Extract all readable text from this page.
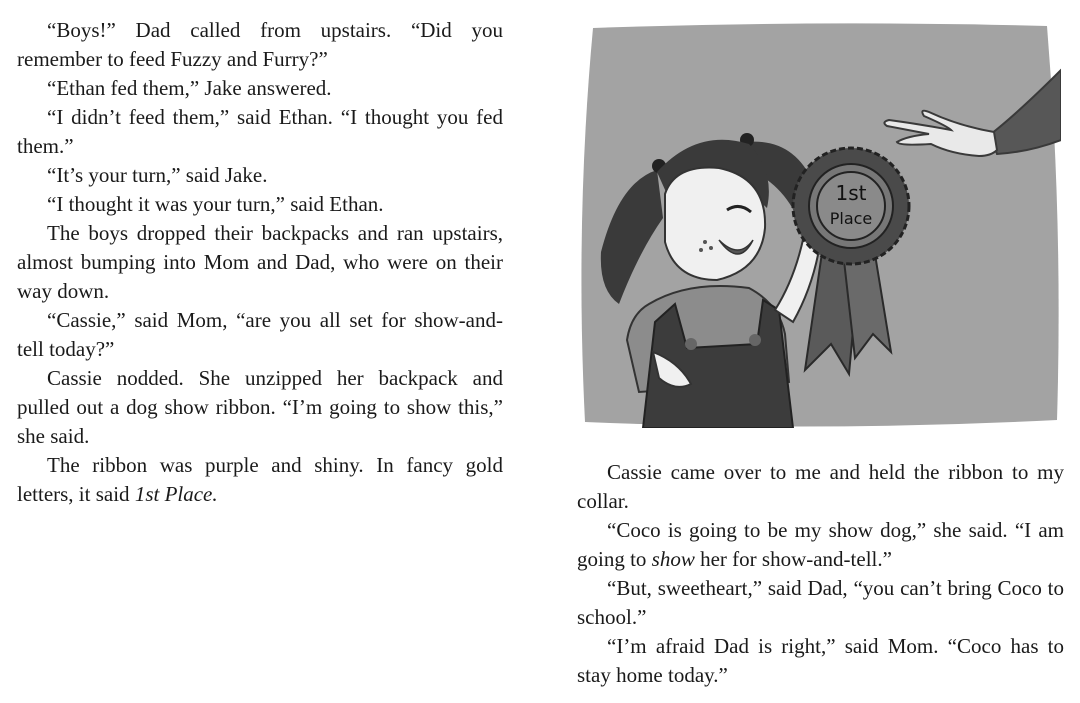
“Boys!” Dad called from upstairs. “Did you remember to feed Fuzzy and Furry?”

“Ethan fed them,” Jake answered.

“I didn’t feed them,” said Ethan. “I thought you fed them.”

“It’s your turn,” said Jake.

“I thought it was your turn,” said Ethan.

The boys dropped their backpacks and ran upstairs, almost bumping into Mom and Dad, who were on their way down.

“Cassie,” said Mom, “are you all set for show-and-tell today?”

Cassie nodded. She unzipped her backpack and pulled out a dog show ribbon. “I’m going to show this,” she said.

The ribbon was purple and shiny. In fancy gold letters, it said 1st Place.

1st
Place

Cassie came over to me and held the ribbon to my collar.

“Coco is going to be my show dog,” she said. “I am going to show her for show-and-tell.”

“But, sweetheart,” said Dad, “you can’t bring Coco to school.”

“I’m afraid Dad is right,” said Mom. “Coco has to stay home today.”
